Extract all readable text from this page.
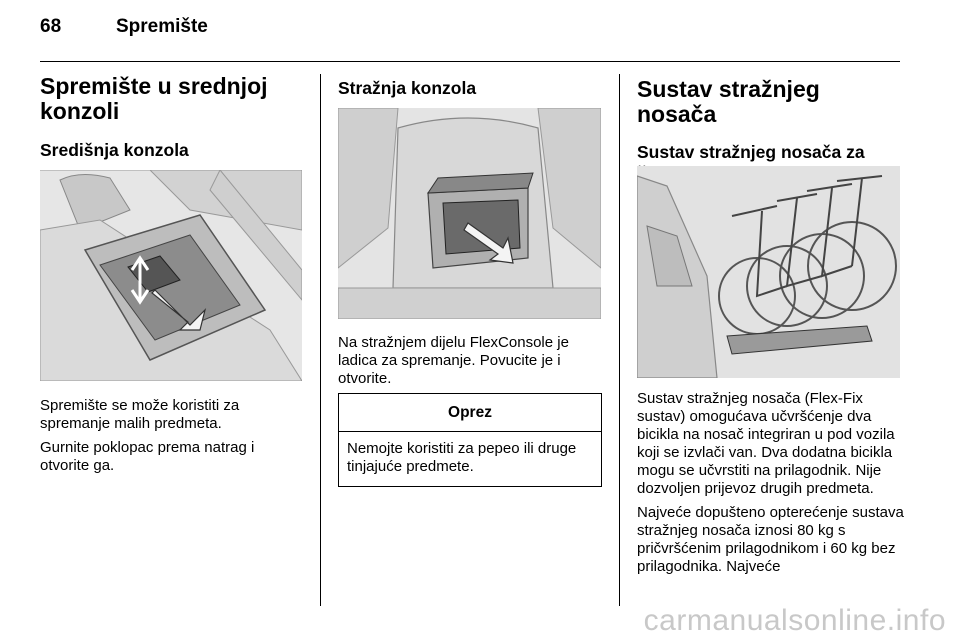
68	Spremište
Spremište u srednjoj konzoli
Središnja konzola

Spremište se može koristiti za spremanje malih predmeta.

Gurnite poklopac prema natrag i otvorite ga.

Stražnja konzola

Na stražnjem dijelu FlexConsole je ladica za spremanje. Povucite je i otvorite.

Oprez
Nemojte koristiti za pepeo ili druge tinjajuće predmete.
Sustav stražnjeg nosača
Sustav stražnjeg nosača za

Sustav stražnjeg nosača (Flex-Fix sustav) omogućava učvršćenje dva bicikla na nosač integriran u pod vozila koji se izvlači van. Dva dodatna bicikla mogu se učvrstiti na prilagodnik. Nije dozvoljen prijevoz drugih predmeta.

Najveće dopušteno opterećenje sustava stražnjeg nosača iznosi 80 kg s pričvršćenim prilagodnikom i 60 kg bez prilagodnika. Najveće

carmanualsonline.info
